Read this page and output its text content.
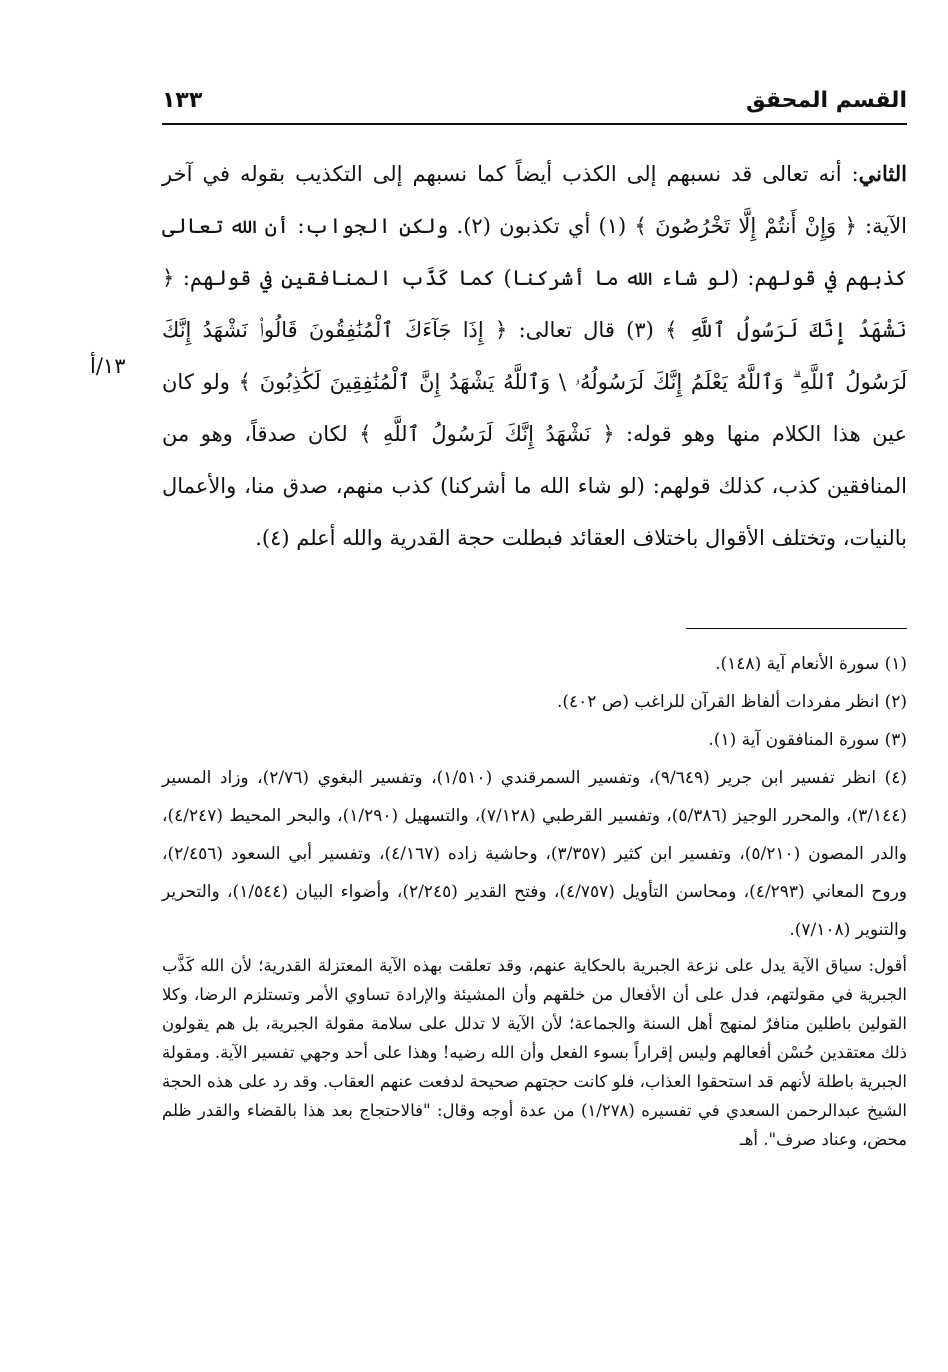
القسم المحقق
١٣٣
١٣/أ
الثاني: أنه تعالى قد نسبهم إلى الكذب أيضاً كما نسبهم إلى التكذيب بقوله في آخر الآية: ﴿ وَإِنْ أَنتُمْ إِلَّا تَخْرُصُونَ ﴾ (١) أي تكذبون (٢). ولكن الجواب: أن الله تعالى كذبهم في قولهم: (لو شاء الله ما أشركنا) كما كَذَّب المنافقين في قولهم: ﴿ نَشْهَدُ إِنَّكَ لَرَسُولُ ٱللَّهِ ﴾ (٣) قال تعالى: ﴿ إِذَا جَآءَكَ ٱلْمُنَٰفِقُونَ قَالُوا۟ نَشْهَدُ إِنَّكَ لَرَسُولُ ٱللَّهِ ۗ وَٱللَّهُ يَعْلَمُ إِنَّكَ لَرَسُولُهُۥ \ وَٱللَّهُ يَشْهَدُ إِنَّ ٱلْمُنَٰفِقِينَ لَكَٰذِبُونَ ﴾ ولو كان عين هذا الكلام منها وهو قوله: ﴿ نَشْهَدُ إِنَّكَ لَرَسُولُ ٱللَّهِ ﴾ لكان صدقاً، وهو من المنافقين كذب، كذلك قولهم: (لو شاء الله ما أشركنا) كذب منهم، صدق منا، والأعمال بالنيات، وتختلف الأقوال باختلاف العقائد فبطلت حجة القدرية والله أعلم (٤).
(١) سورة الأنعام آية (١٤٨).
(٢) انظر مفردات ألفاظ القرآن للراغب (ص ٤٠٢).
(٣) سورة المنافقون آية (١).
(٤) انظر تفسير ابن جرير (٩/٦٤٩)، وتفسير السمرقندي (١/٥١٠)، وتفسير البغوي (٢/٧٦)، وزاد المسير (٣/١٤٤)، والمحرر الوجيز (٥/٣٨٦)، وتفسير القرطبي (٧/١٢٨)، والتسهيل (١/٢٩٠)، والبحر المحيط (٤/٢٤٧)، والدر المصون (٥/٢١٠)، وتفسير ابن كثير (٣/٣٥٧)، وحاشية زاده (٤/١٦٧)، وتفسير أبي السعود (٢/٤٥٦)، وروح المعاني (٤/٢٩٣)، ومحاسن التأويل (٤/٧٥٧)، وفتح القدير (٢/٢٤٥)، وأضواء البيان (١/٥٤٤)، والتحرير والتنوير (٧/١٠٨).
أقول: سياق الآية يدل على نزعة الجبرية بالحكاية عنهم، وقد تعلقت بهذه الآية المعتزلة القدرية؛ لأن الله كَذَّب الجبرية في مقولتهم، فدل على أن الأفعال من خلقهم وأن المشيئة والإرادة تساوي الأمر وتستلزم الرضا، وكلا القولين باطلين منافرٌ لمنهج أهل السنة والجماعة؛ لأن الآية لا تدلل على سلامة مقولة الجبرية، بل هم يقولون ذلك معتقدين حُسْن أفعالهم وليس إقراراً بسوء الفعل وأن الله رضيه! وهذا على أحد وجهي تفسير الآية. ومقولة الجبرية باطلة لأنهم قد استحقوا العذاب، فلو كانت حجتهم صحيحة لدفعت عنهم العقاب. وقد رد على هذه الحجة الشيخ عبدالرحمن السعدي في تفسيره (١/٢٧٨) من عدة أوجه وقال: "فالاحتجاج بعد هذا بالقضاء والقدر ظلم محض، وعناد صرف". أهـ
